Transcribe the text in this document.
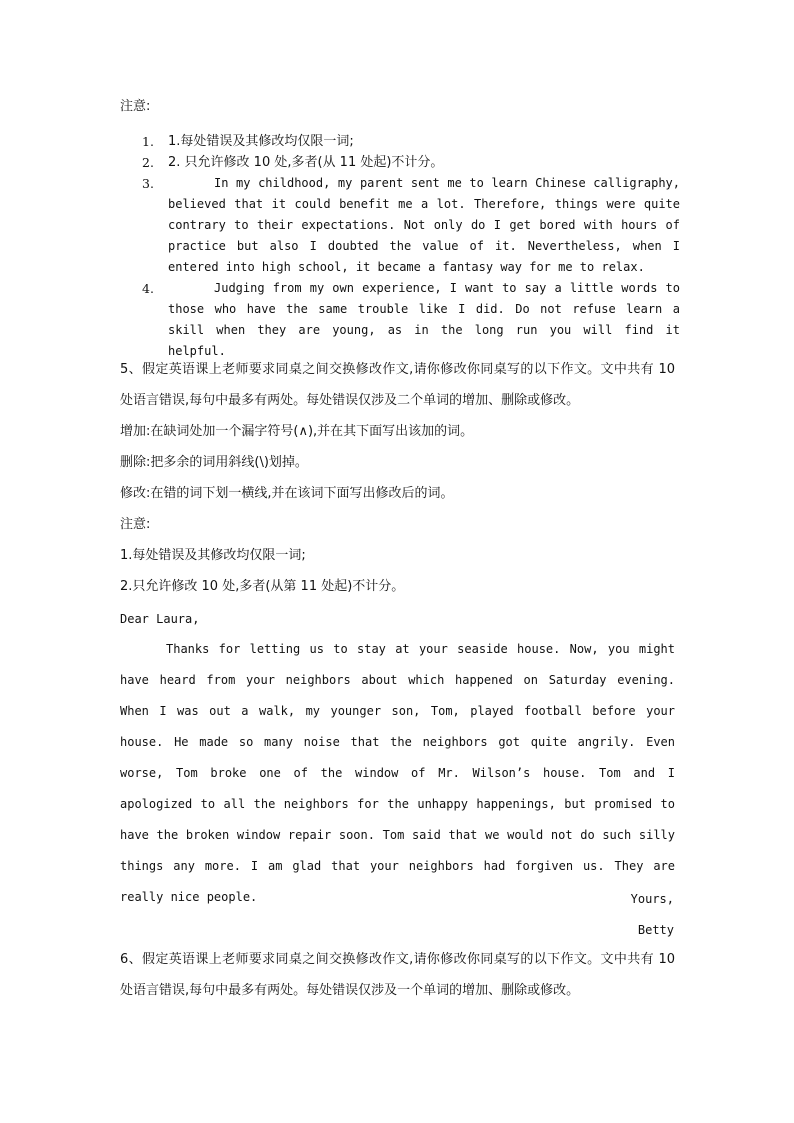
注意:
1.	1.每处错误及其修改均仅限一词;
2.	2. 只允许修改 10 处,多者(从 11 处起)不计分。
3.	In my childhood, my parent sent me to learn Chinese calligraphy, believed that it could benefit me a lot. Therefore, things were quite contrary to their expectations. Not only do I get bored with hours of practice but also I doubted the value of it. Nevertheless, when I entered into high school, it became a fantasy way for me to relax.
4.	Judging from my own experience, I want to say a little words to those who have the same trouble like I did. Do not refuse learn a skill when they are young, as in the long run you will find it helpful.
5、假定英语课上老师要求同桌之间交换修改作文,请你修改你同桌写的以下作文。文中共有 10 处语言错误,每句中最多有两处。每处错误仅涉及二个单词的增加、删除或修改。
增加:在缺词处加一个漏字符号(∧),并在其下面写出该加的词。
删除:把多余的词用斜线(\)划掉。
修改:在错的词下划一横线,并在该词下面写出修改后的词。
注意:
1.每处错误及其修改均仅限一词;
2.只允许修改 10 处,多者(从第 11 处起)不计分。
Dear Laura,
Thanks for letting us to stay at your seaside house. Now, you might have heard from your neighbors about which happened on Saturday evening. When I was out a walk, my younger son, Tom, played football before your house. He made so many noise that the neighbors got quite angrily. Even worse, Tom broke one of the window of Mr. Wilson’s house. Tom and I apologized to all the neighbors for the unhappy happenings, but promised to have the broken window repair soon. Tom said that we would not do such silly things any more. I am glad that your neighbors had forgiven us. They are really nice people.	Yours,
Betty
6、假定英语课上老师要求同桌之间交换修改作文,请你修改你同桌写的以下作文。文中共有 10 处语言错误,每句中最多有两处。每处错误仅涉及一个单词的增加、删除或修改。
